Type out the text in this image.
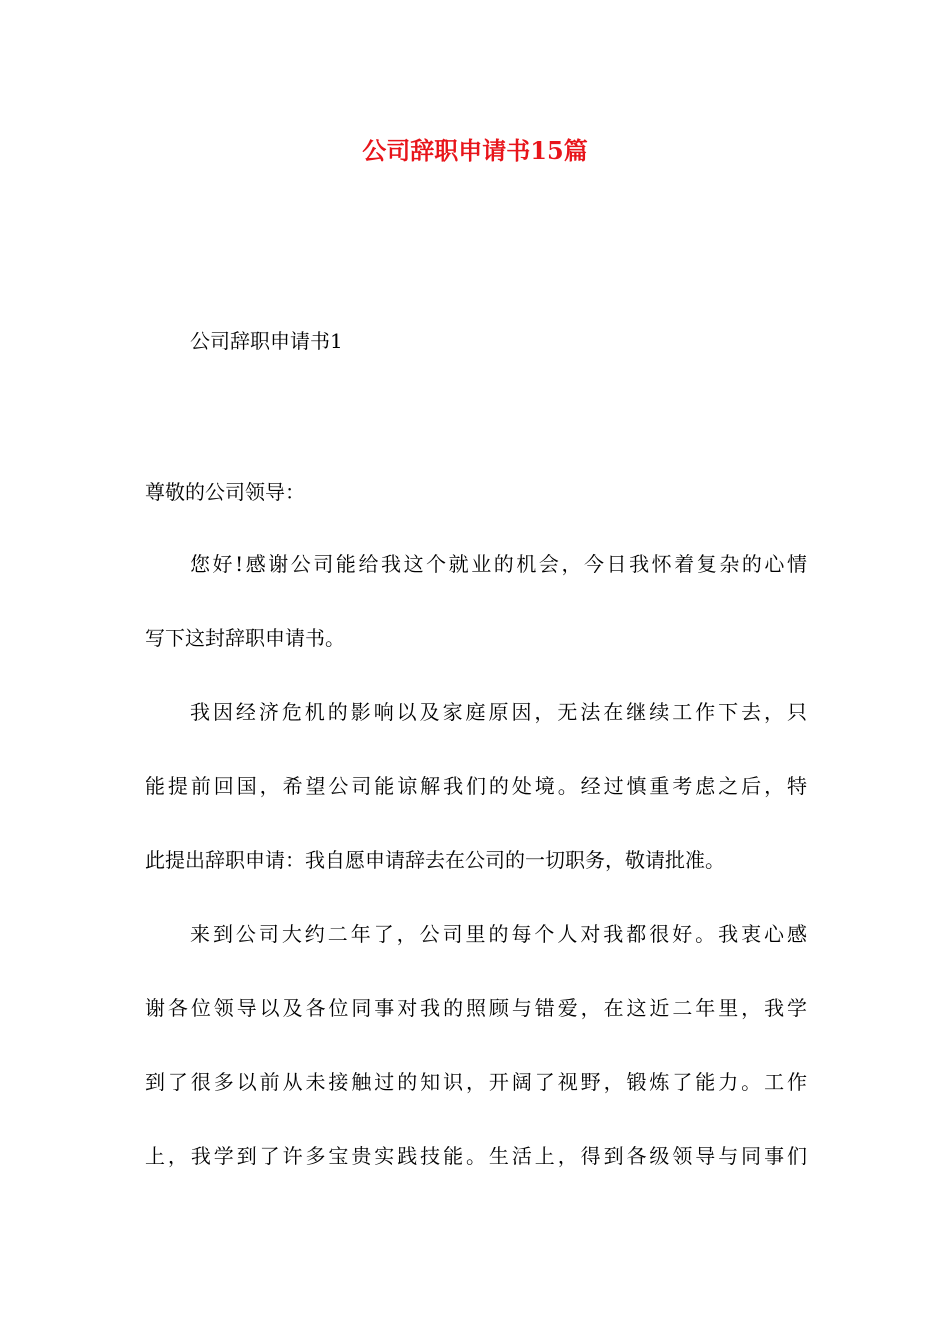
公司辞职申请书15篇
公司辞职申请书1

尊敬的公司领导：

您好!感谢公司能给我这个就业的机会，今日我怀着复杂的心情
写下这封辞职申请书。
我因经济危机的影响以及家庭原因，无法在继续工作下去，只
能提前回国，希望公司能谅解我们的处境。经过慎重考虑之后，特
此提出辞职申请：我自愿申请辞去在公司的一切职务，敬请批准。
来到公司大约二年了，公司里的每个人对我都很好。我衷心感
谢各位领导以及各位同事对我的照顾与错爱，在这近二年里，我学
到了很多以前从未接触过的知识，开阔了视野，锻炼了能力。工作
上，我学到了许多宝贵实践技能。生活上，得到各级领导与同事们
